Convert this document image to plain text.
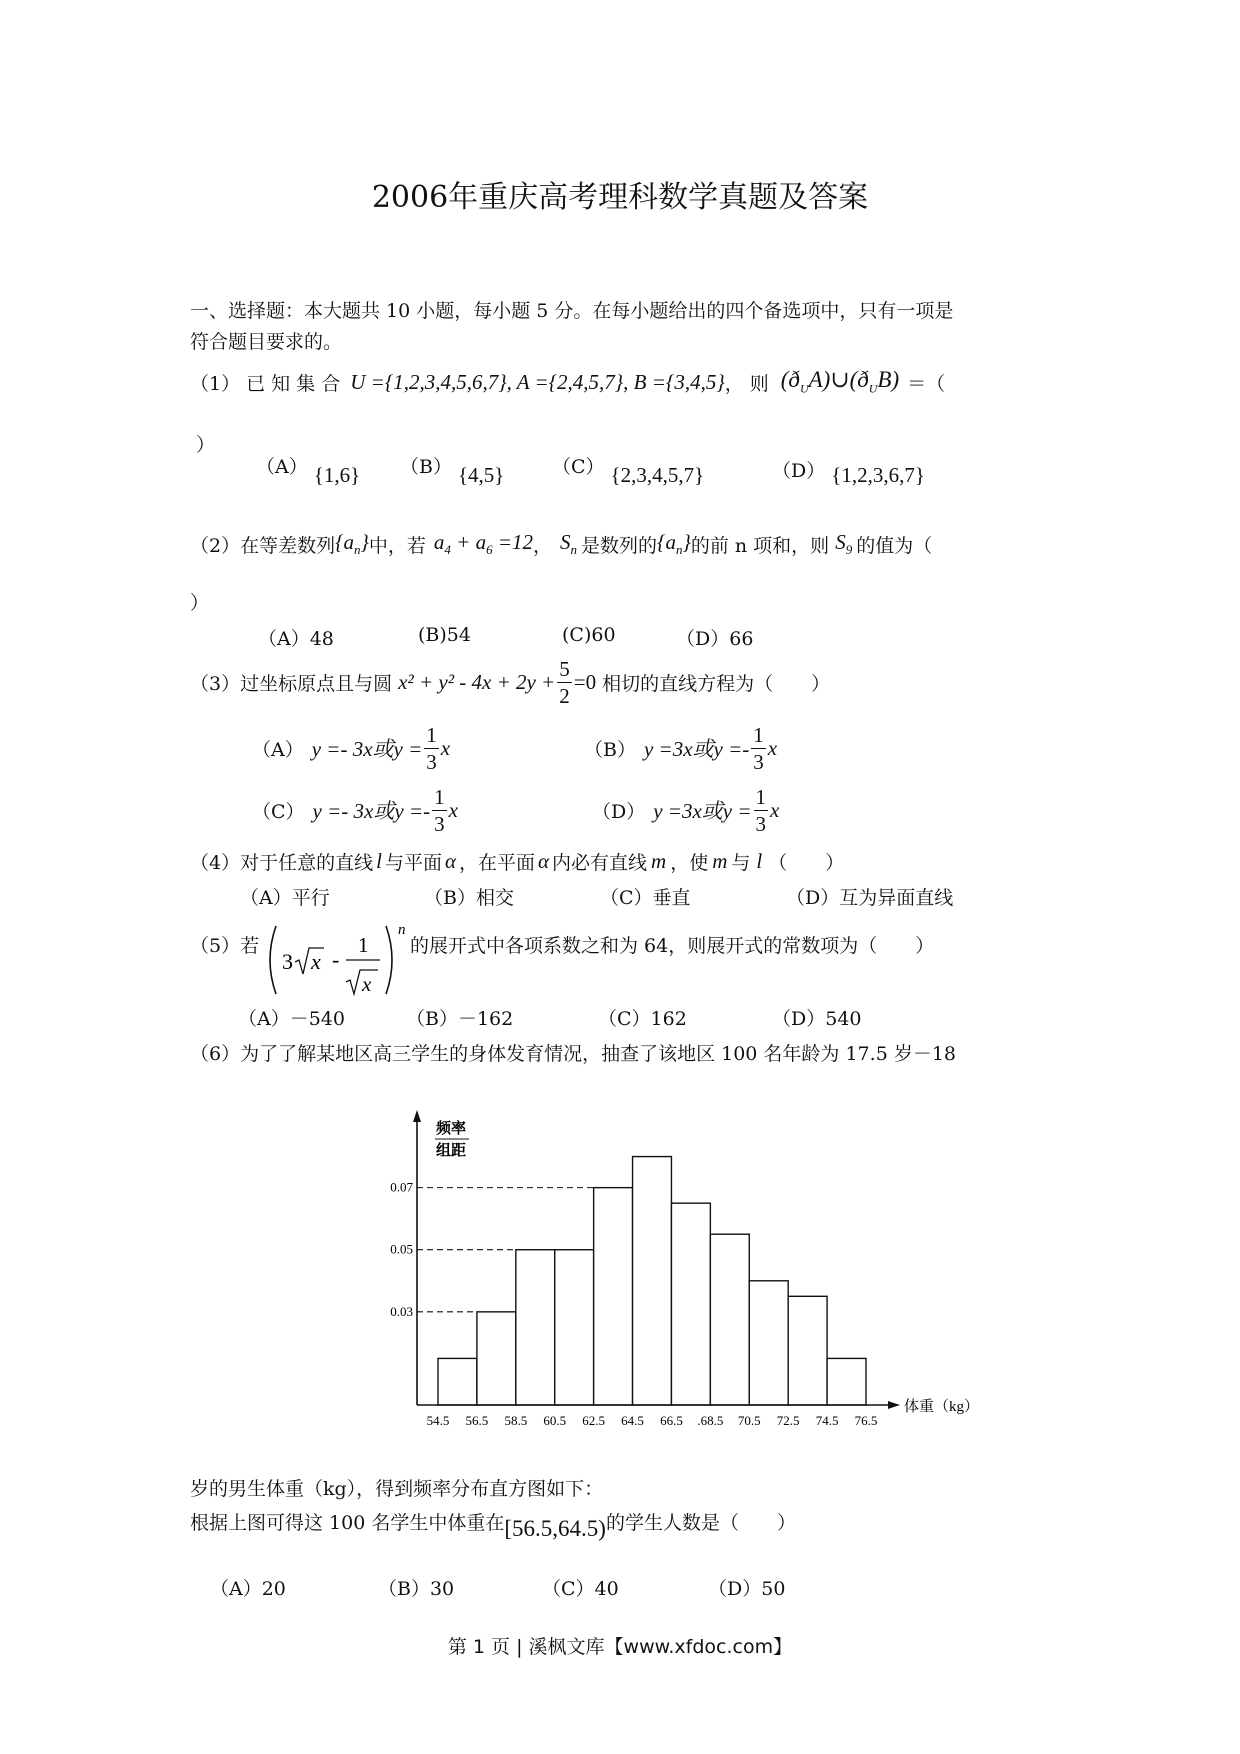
2006年重庆高考理科数学真题及答案
一、选择题：本大题共 10 小题，每小题 5 分。在每小题给出的四个备选项中，只有一项是
符合题目要求的。
（1） 已 知 集 合 U ={1,2,3,4,5,6,7}, A ={2,4,5,7}, B ={3,4,5} ， 则 $(ð_UA)\cup(ð_UB)$ ＝（
）
（A） {1,6} （B） {4,5}	（C） {2,3,4,5,7}	（D） {1,2,3,6,7}
（2）在等差数列 $\{a_n\}$ 中，若 $a_4 + a_6 =12$ ， $S_n$ 是数列的 $\{a_n\}$ 的前 n 项和，则 $S_9$ 的值为（
）
（A）48	(B)54	(C)60	（D）66
（3）过坐标原点且与圆 $x^2 + y^2 - 4x + 2y + \frac{5}{2} =0$ 相切的直线方程为（　　）
（A） y =- 3x或$y = \frac{1}{3}$ x	（B） y =3x或$y =- \frac{1}{3}$ x
（C） y =- 3x或$y =- \frac{1}{3}$ x	（D） y =3x或$y = \frac{1}{3}$ x
（4）对于任意的直线 l 与平面 α ，在平面 α 内必有直线 m ，使 m 与 l （　　）
（A）平行	（B）相交	（C）垂直	（D）互为异面直线
（5）若
3 x -
1
x
n
的展开式中各项系数之和为 64，则展开式的常数项为（　　）
（A）－540	（B）－162	（C）162	（D）540
（6）为了了解某地区高三学生的身体发育情况，抽查了该地区 100 名年龄为 17.5 岁－18
频率
组距
体重（kg）
0.07
0.05
0.03
54.5 56.5 58.5 60.5 62.5 64.5 66.5 .68.5 70.5 72.5 74.5 76.5
岁的男生体重（kg），得到频率分布直方图如下：
根据上图可得这 100 名学生中体重在 [56.5,64.5) 的学生人数是（　　）
（A）20	（B）30	（C）40	（D）50
第 1 页 | 溪枫文库【www.xfdoc.com】
